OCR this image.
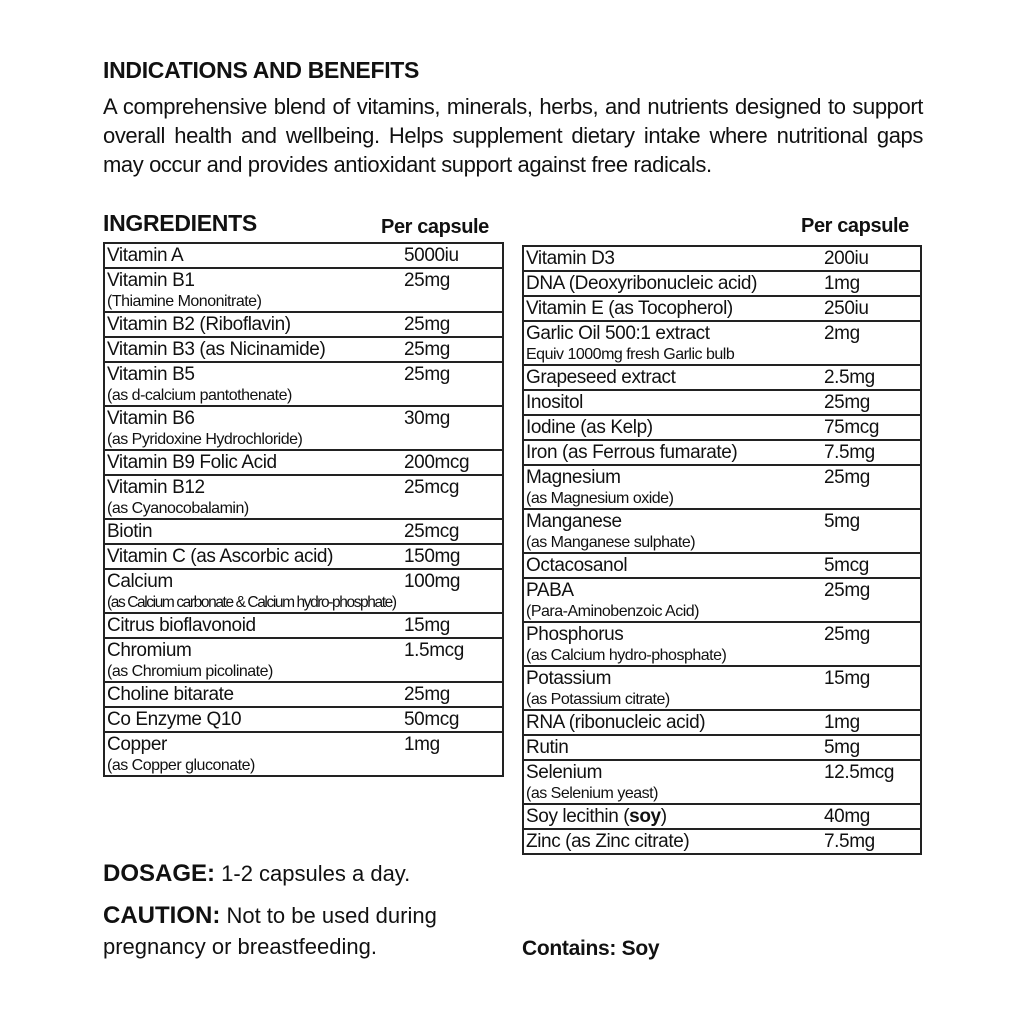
INDICATIONS AND BENEFITS
A comprehensive blend of vitamins, minerals, herbs, and nutrients designed to support overall health and wellbeing. Helps supplement dietary intake where nutritional gaps may occur and provides antioxidant support against free radicals.
INGREDIENTS	Per capsule	Per capsule
Vitamin A	5000iu
Vitamin B1
(Thiamine Mononitrate)	25mg
Vitamin B2 (Riboflavin)	25mg
Vitamin B3 (as Nicinamide)	25mg
Vitamin B5
(as d-calcium pantothenate)	25mg
Vitamin B6
(as Pyridoxine Hydrochloride)	30mg
Vitamin B9 Folic Acid	200mcg
Vitamin B12
(as Cyanocobalamin)	25mcg
Biotin	25mcg
Vitamin C (as Ascorbic acid)	150mg
Calcium
(as Calcium carbonate & Calcium hydro-phosphate)	100mg
Citrus bioflavonoid	15mg
Chromium
(as Chromium picolinate)	1.5mcg
Choline bitarate	25mg
Co Enzyme Q10	50mcg
Copper
(as Copper gluconate)	1mg
Vitamin D3	200iu
DNA (Deoxyribonucleic acid)	1mg
Vitamin E (as Tocopherol)	250iu
Garlic Oil 500:1 extract
Equiv 1000mg fresh Garlic bulb	2mg
Grapeseed extract	2.5mg
Inositol	25mg
Iodine (as Kelp)	75mcg
Iron (as Ferrous fumarate)	7.5mg
Magnesium
(as Magnesium oxide)	25mg
Manganese
(as Manganese sulphate)	5mg
Octacosanol	5mcg
PABA
(Para-Aminobenzoic Acid)	25mg
Phosphorus
(as Calcium hydro-phosphate)	25mg
Potassium
(as Potassium citrate)	15mg
RNA (ribonucleic acid)	1mg
Rutin	5mg
Selenium
(as Selenium yeast)	12.5mcg
Soy lecithin (soy)	40mg
Zinc (as Zinc citrate)	7.5mg
DOSAGE: 1-2 capsules a day.
CAUTION: Not to be used during pregnancy or breastfeeding.	Contains: Soy
